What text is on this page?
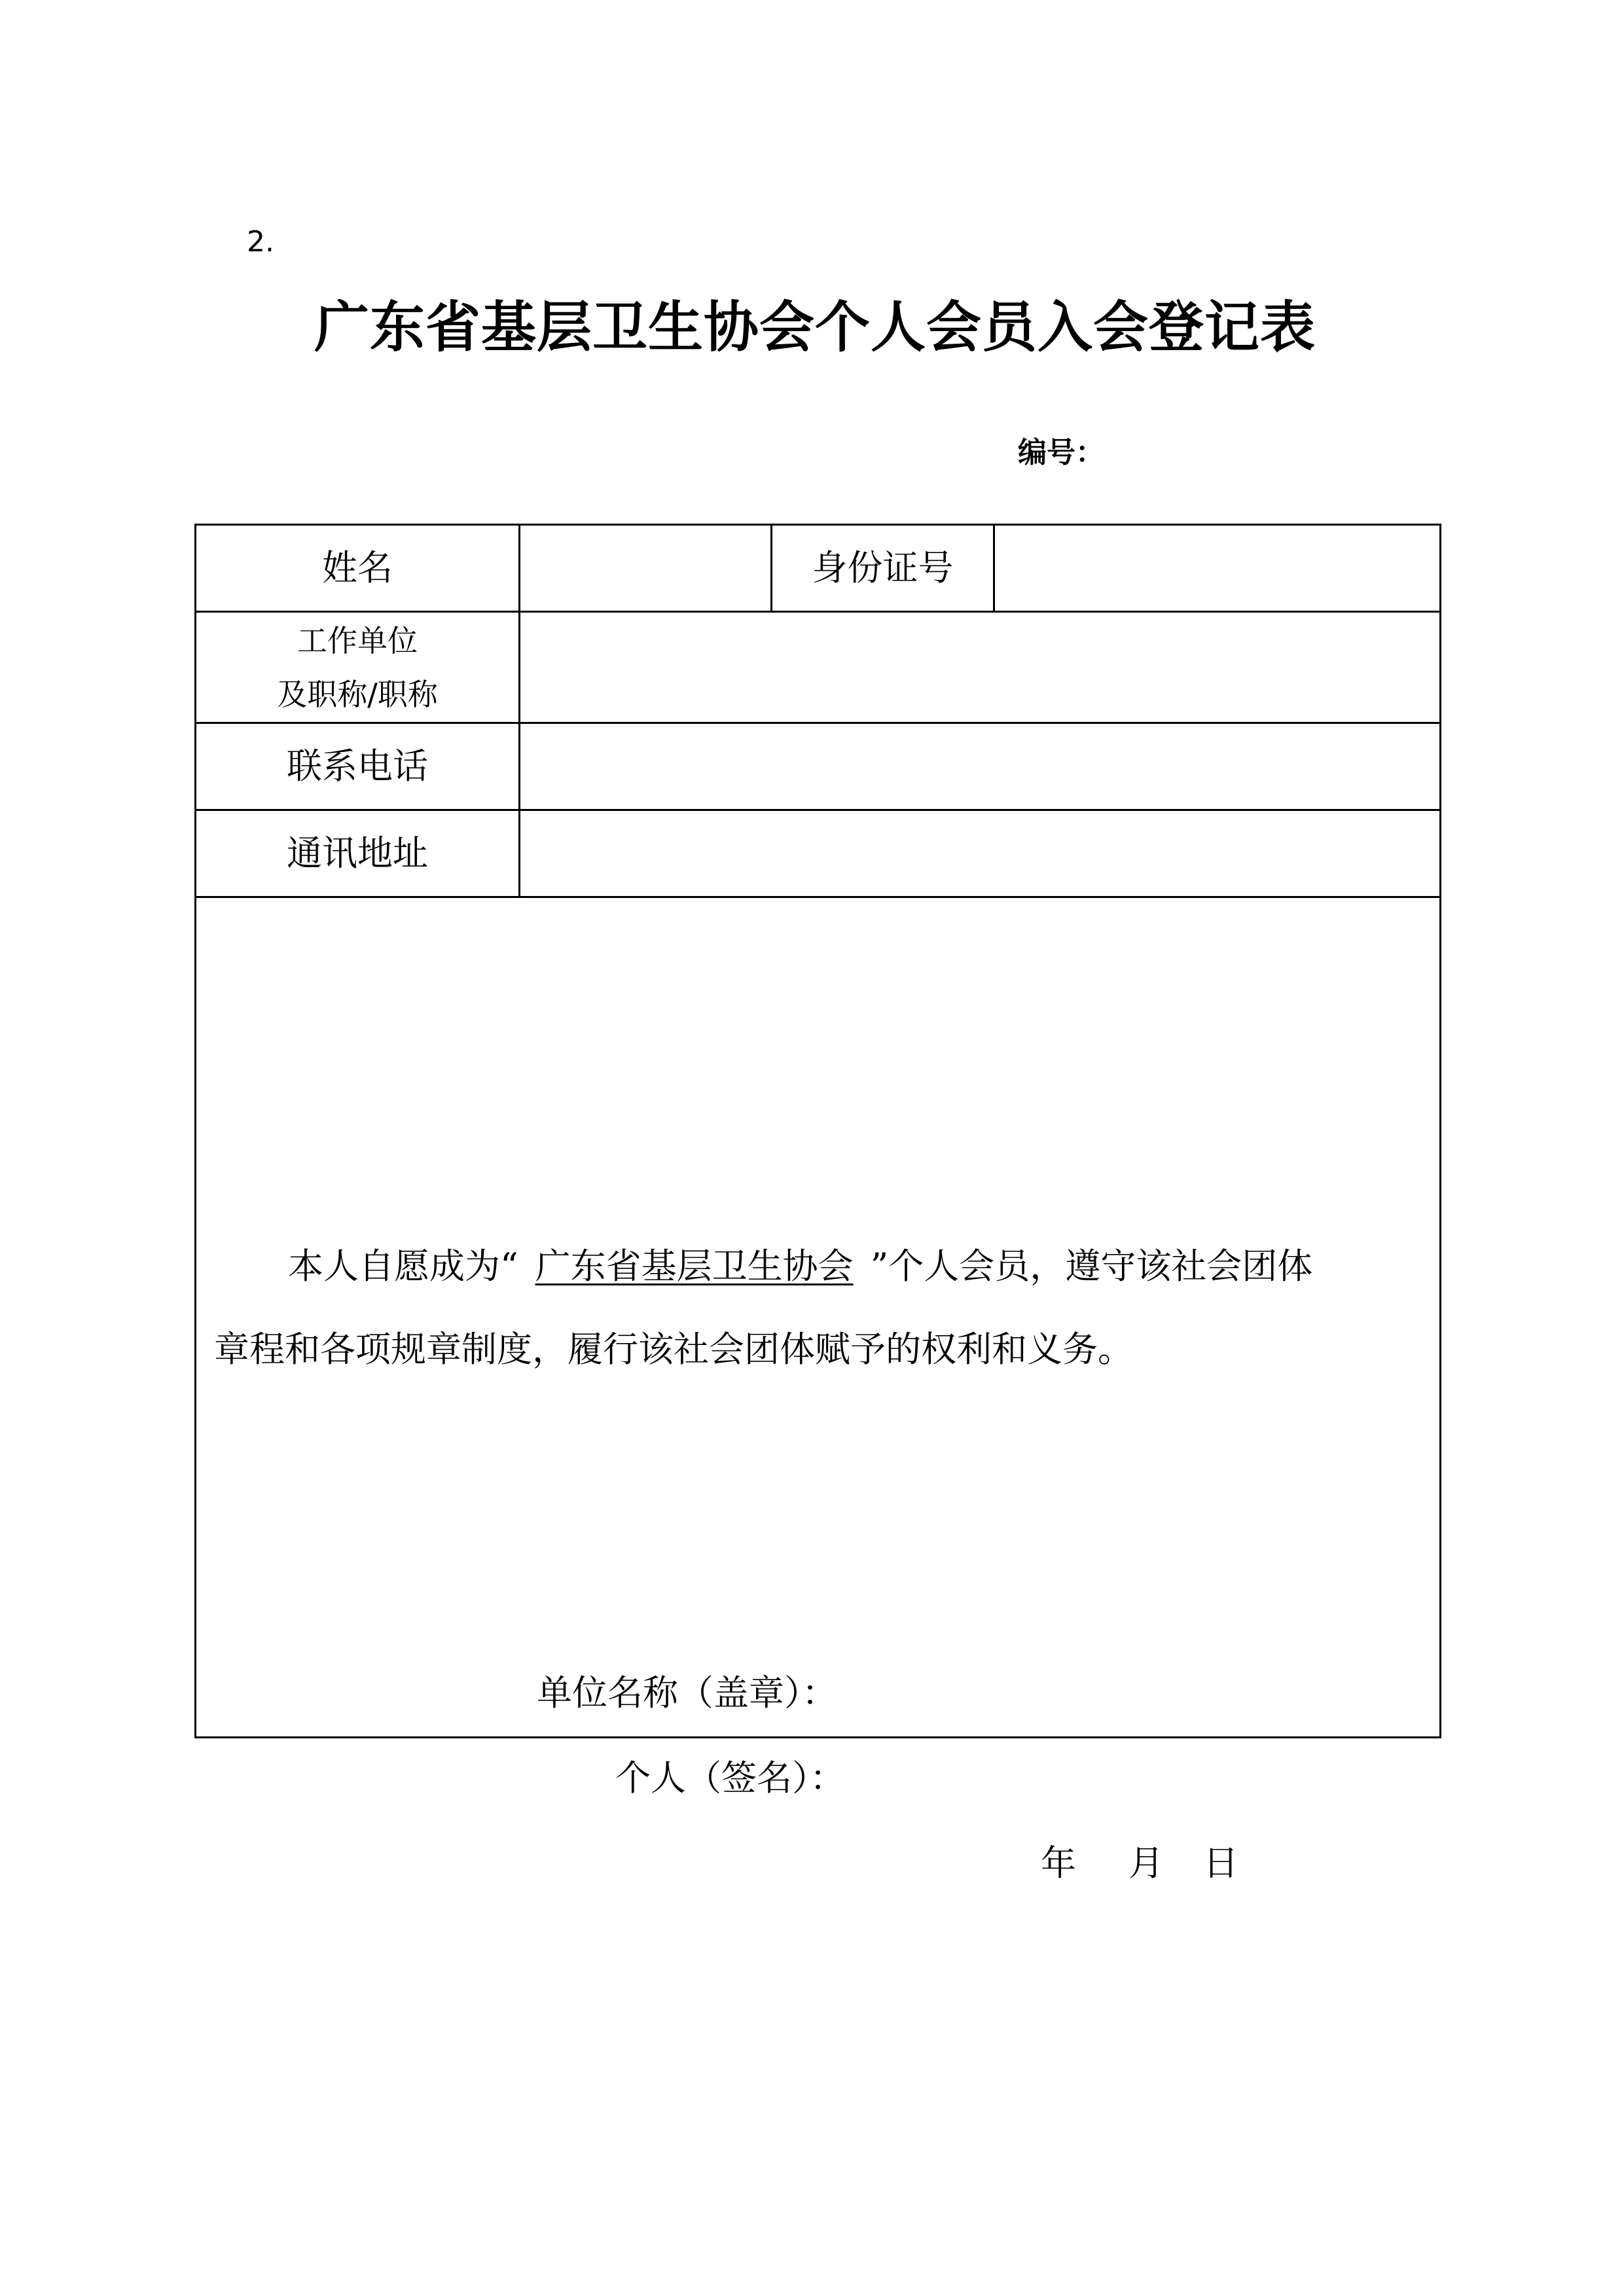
2.
广东省基层卫生协会个人会员入会登记表
编号：
姓名		身份证号	

工作单位
及职称/职称			

联系电话			
通讯地址			

本人自愿成为“ 广东省基层卫生协会 ”个人会员，遵守该社会团体
章程和各项规章制度，履行该社会团体赋予的权利和义务。
单位名称（盖章）：
个人（签名）：
年 月 日			
